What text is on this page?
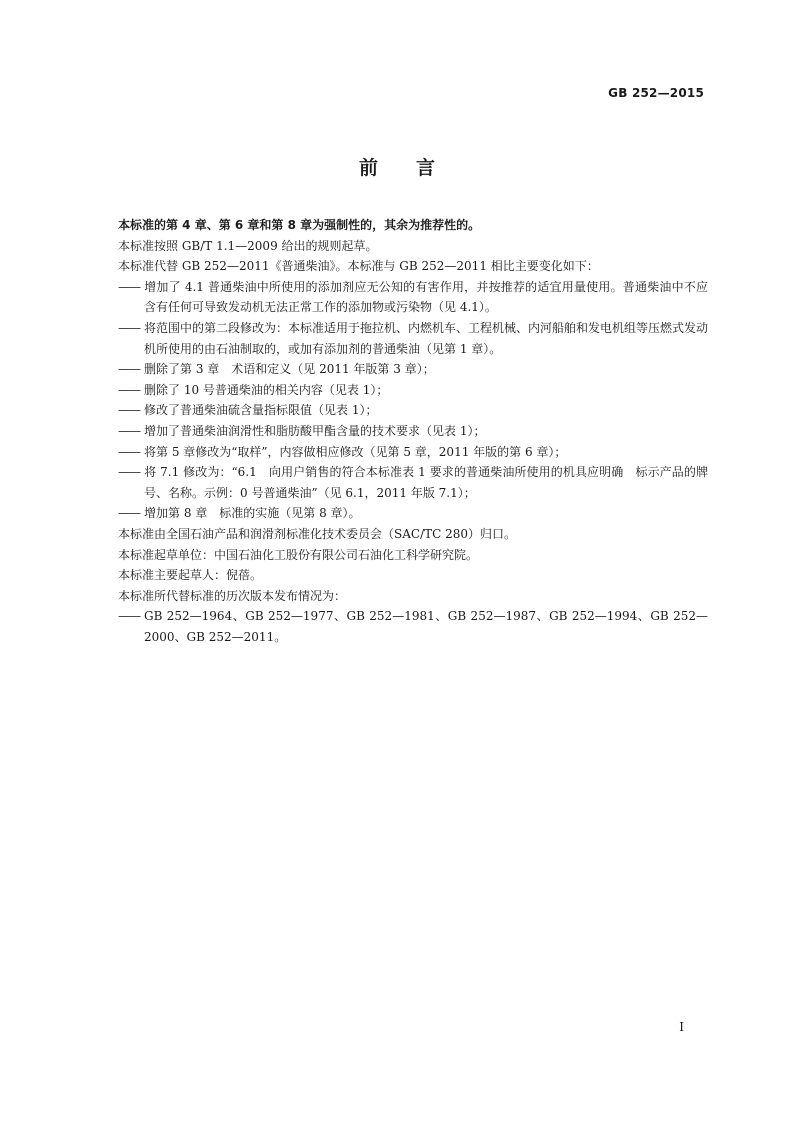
GB 252—2015
前言

本标准的第 4 章、第 6 章和第 8 章为强制性的，其余为推荐性的。

本标准按照 GB/T 1.1—2009 给出的规则起草。

本标准代替 GB 252—2011《普通柴油》。本标准与 GB 252—2011 相比主要变化如下：

—— 增加了 4.1 普通柴油中所使用的添加剂应无公知的有害作用，并按推荐的适宜用量使用。普通柴油中不应含有任何可导致发动机无法正常工作的添加物或污染物（见 4.1）。

—— 将范围中的第二段修改为：本标准适用于拖拉机、内燃机车、工程机械、内河船舶和发电机组等压燃式发动机所使用的由石油制取的，或加有添加剂的普通柴油（见第 1 章）。

—— 删除了第 3 章　术语和定义（见 2011 年版第 3 章）；

—— 删除了 10 号普通柴油的相关内容（见表 1）；

—— 修改了普通柴油硫含量指标限值（见表 1）；

—— 增加了普通柴油润滑性和脂肪酸甲酯含量的技术要求（见表 1）；

—— 将第 5 章修改为“取样”，内容做相应修改（见第 5 章，2011 年版的第 6 章）；

—— 将 7.1 修改为：“6.1　向用户销售的符合本标准表 1 要求的普通柴油所使用的机具应明确　标示产品的牌号、名称。示例：0 号普通柴油”（见 6.1，2011 年版 7.1）；

—— 增加第 8 章　标准的实施（见第 8 章）。

本标准由全国石油产品和润滑剂标准化技术委员会（SAC/TC 280）归口。

本标准起草单位：中国石油化工股份有限公司石油化工科学研究院。

本标准主要起草人：倪蓓。

本标准所代替标准的历次版本发布情况为：

—— GB 252—1964、GB 252—1977、GB 252—1981、GB 252—1987、GB 252—1994、GB 252—2000、GB 252—2011。

I
